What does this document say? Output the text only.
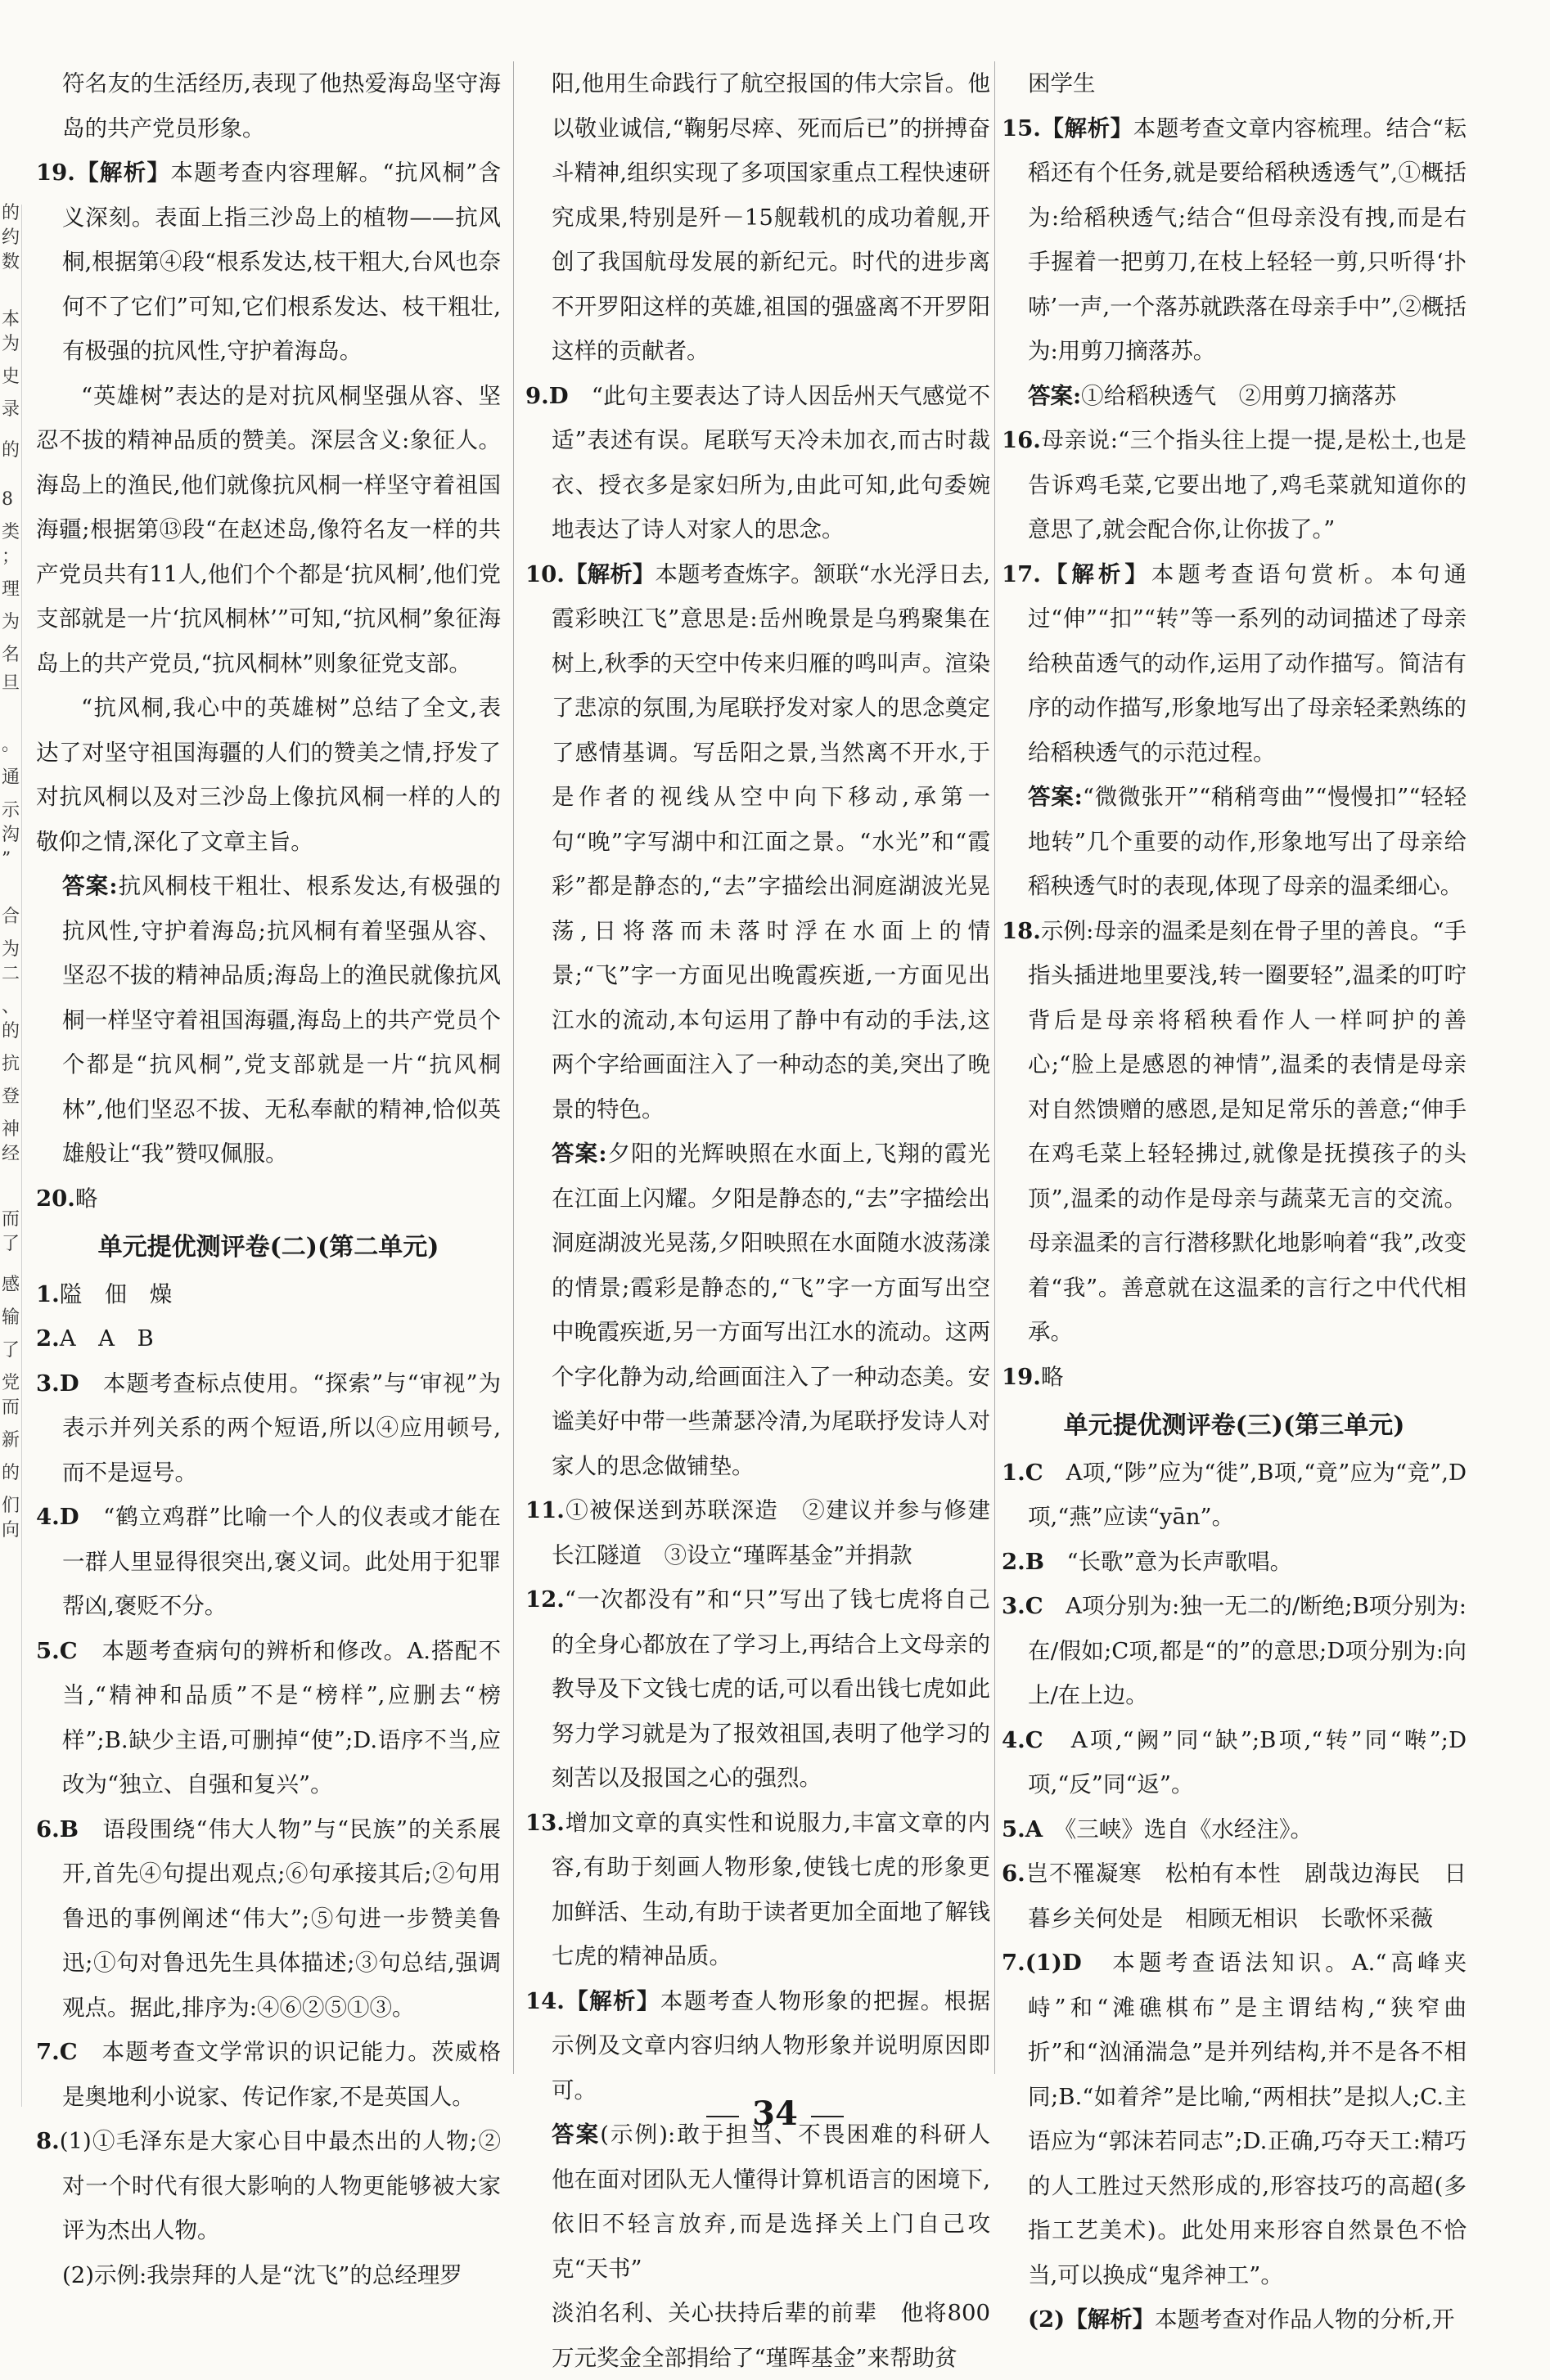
的
约
数
本
为
史
录
的
8
类
；
理
为
名
旦
。
通
示
沟
”
合
为
二
、
的
抗
登
神
经
而
了
感
输
了
党
而
新
的
们
向

符名友的生活经历,表现了他热爱海岛坚守海岛的共产党员形象。

19.【解析】本题考查内容理解。“抗风桐”含义深刻。表面上指三沙岛上的植物——抗风桐,根据第④段“根系发达,枝干粗大,台风也奈何不了它们”可知,它们根系发达、枝干粗壮,有极强的抗风性,守护着海岛。

“英雄树”表达的是对抗风桐坚强从容、坚忍不拔的精神品质的赞美。深层含义:象征人。海岛上的渔民,他们就像抗风桐一样坚守着祖国海疆;根据第⑬段“在赵述岛,像符名友一样的共产党员共有11人,他们个个都是‘抗风桐’,他们党支部就是一片‘抗风桐林’”可知,“抗风桐”象征海岛上的共产党员,“抗风桐林”则象征党支部。

“抗风桐,我心中的英雄树”总结了全文,表达了对坚守祖国海疆的人们的赞美之情,抒发了对抗风桐以及对三沙岛上像抗风桐一样的人的敬仰之情,深化了文章主旨。

答案:抗风桐枝干粗壮、根系发达,有极强的抗风性,守护着海岛;抗风桐有着坚强从容、坚忍不拔的精神品质;海岛上的渔民就像抗风桐一样坚守着祖国海疆,海岛上的共产党员个个都是“抗风桐”,党支部就是一片“抗风桐林”,他们坚忍不拔、无私奉献的精神,恰似英雄般让“我”赞叹佩服。

20.略

单元提优测评卷(二)(第二单元)

1.隘　佃　燥

2.A　A　B

3.D　本题考查标点使用。“探索”与“审视”为表示并列关系的两个短语,所以④应用顿号,而不是逗号。

4.D　“鹤立鸡群”比喻一个人的仪表或才能在一群人里显得很突出,褒义词。此处用于犯罪帮凶,褒贬不分。

5.C　本题考查病句的辨析和修改。A.搭配不当,“精神和品质”不是“榜样”,应删去“榜样”;B.缺少主语,可删掉“使”;D.语序不当,应改为“独立、自强和复兴”。

6.B　语段围绕“伟大人物”与“民族”的关系展开,首先④句提出观点;⑥句承接其后;②句用鲁迅的事例阐述“伟大”;⑤句进一步赞美鲁迅;①句对鲁迅先生具体描述;③句总结,强调观点。据此,排序为:④⑥②⑤①③。

7.C　本题考查文学常识的识记能力。茨威格是奥地利小说家、传记作家,不是英国人。

8.(1)①毛泽东是大家心目中最杰出的人物;②对一个时代有很大影响的人物更能够被大家评为杰出人物。

(2)示例:我崇拜的人是“沈飞”的总经理罗

阳,他用生命践行了航空报国的伟大宗旨。他以敬业诚信,“鞠躬尽瘁、死而后已”的拼搏奋斗精神,组织实现了多项国家重点工程快速研究成果,特别是歼－15舰载机的成功着舰,开创了我国航母发展的新纪元。时代的进步离不开罗阳这样的英雄,祖国的强盛离不开罗阳这样的贡献者。

9.D　“此句主要表达了诗人因岳州天气感觉不适”表述有误。尾联写天冷未加衣,而古时裁衣、授衣多是家妇所为,由此可知,此句委婉地表达了诗人对家人的思念。

10.【解析】本题考查炼字。颔联“水光浮日去,霞彩映江飞”意思是:岳州晚景是乌鸦聚集在树上,秋季的天空中传来归雁的鸣叫声。渲染了悲凉的氛围,为尾联抒发对家人的思念奠定了感情基调。写岳阳之景,当然离不开水,于是作者的视线从空中向下移动,承第一句“晚”字写湖中和江面之景。“水光”和“霞彩”都是静态的,“去”字描绘出洞庭湖波光晃荡,日将落而未落时浮在水面上的情景;“飞”字一方面见出晚霞疾逝,一方面见出江水的流动,本句运用了静中有动的手法,这两个字给画面注入了一种动态的美,突出了晚景的特色。

答案:夕阳的光辉映照在水面上,飞翔的霞光在江面上闪耀。夕阳是静态的,“去”字描绘出洞庭湖波光晃荡,夕阳映照在水面随水波荡漾的情景;霞彩是静态的,“飞”字一方面写出空中晚霞疾逝,另一方面写出江水的流动。这两个字化静为动,给画面注入了一种动态美。安谧美好中带一些萧瑟冷清,为尾联抒发诗人对家人的思念做铺垫。

11.①被保送到苏联深造　②建议并参与修建长江隧道　③设立“瑾晖基金”并捐款

12.“一次都没有”和“只”写出了钱七虎将自己的全身心都放在了学习上,再结合上文母亲的教导及下文钱七虎的话,可以看出钱七虎如此努力学习就是为了报效祖国,表明了他学习的刻苦以及报国之心的强烈。

13.增加文章的真实性和说服力,丰富文章的内容,有助于刻画人物形象,使钱七虎的形象更加鲜活、生动,有助于读者更加全面地了解钱七虎的精神品质。

14.【解析】本题考查人物形象的把握。根据示例及文章内容归纳人物形象并说明原因即可。

答案(示例):敢于担当、不畏困难的科研人　他在面对团队无人懂得计算机语言的困境下,依旧不轻言放弃,而是选择关上门自己攻克“天书”

淡泊名利、关心扶持后辈的前辈　他将800万元奖金全部捐给了“瑾晖基金”来帮助贫

困学生

15.【解析】本题考查文章内容梳理。结合“耘稻还有个任务,就是要给稻秧透透气”,①概括为:给稻秧透气;结合“但母亲没有拽,而是右手握着一把剪刀,在枝上轻轻一剪,只听得‘扑哧’一声,一个落苏就跌落在母亲手中”,②概括为:用剪刀摘落苏。

答案:①给稻秧透气　②用剪刀摘落苏

16.母亲说:“三个指头往上提一提,是松土,也是告诉鸡毛菜,它要出地了,鸡毛菜就知道你的意思了,就会配合你,让你拔了。”

17.【解析】本题考查语句赏析。本句通过“伸”“扣”“转”等一系列的动词描述了母亲给秧苗透气的动作,运用了动作描写。简洁有序的动作描写,形象地写出了母亲轻柔熟练的给稻秧透气的示范过程。

答案:“微微张开”“稍稍弯曲”“慢慢扣”“轻轻地转”几个重要的动作,形象地写出了母亲给稻秧透气时的表现,体现了母亲的温柔细心。

18.示例:母亲的温柔是刻在骨子里的善良。“手指头插进地里要浅,转一圈要轻”,温柔的叮咛背后是母亲将稻秧看作人一样呵护的善心;“脸上是感恩的神情”,温柔的表情是母亲对自然馈赠的感恩,是知足常乐的善意;“伸手在鸡毛菜上轻轻拂过,就像是抚摸孩子的头顶”,温柔的动作是母亲与蔬菜无言的交流。母亲温柔的言行潜移默化地影响着“我”,改变着“我”。善意就在这温柔的言行之中代代相承。

19.略

单元提优测评卷(三)(第三单元)

1.C　A项,“陟”应为“徙”,B项,“竟”应为“竞”,D项,“燕”应读“yān”。

2.B　“长歌”意为长声歌唱。

3.C　A项分别为:独一无二的/断绝;B项分别为:在/假如;C项,都是“的”的意思;D项分别为:向上/在上边。

4.C　A项,“阙”同“缺”;B项,“转”同“啭”;D项,“反”同“返”。

5.A　《三峡》选自《水经注》。

6.岂不罹凝寒　松柏有本性　剧哉边海民　日暮乡关何处是　相顾无相识　长歌怀采薇

7.(1)D　本题考查语法知识。A.“高峰夹峙”和“滩礁棋布”是主谓结构,“狭窄曲折”和“汹涌湍急”是并列结构,并不是各不相同;B.“如着斧”是比喻,“两相扶”是拟人;C.主语应为“郭沫若同志”;D.正确,巧夺天工:精巧的人工胜过天然形成的,形容技巧的高超(多指工艺美术)。此处用来形容自然景色不恰当,可以换成“鬼斧神工”。

(2)【解析】本题考查对作品人物的分析,开

34
